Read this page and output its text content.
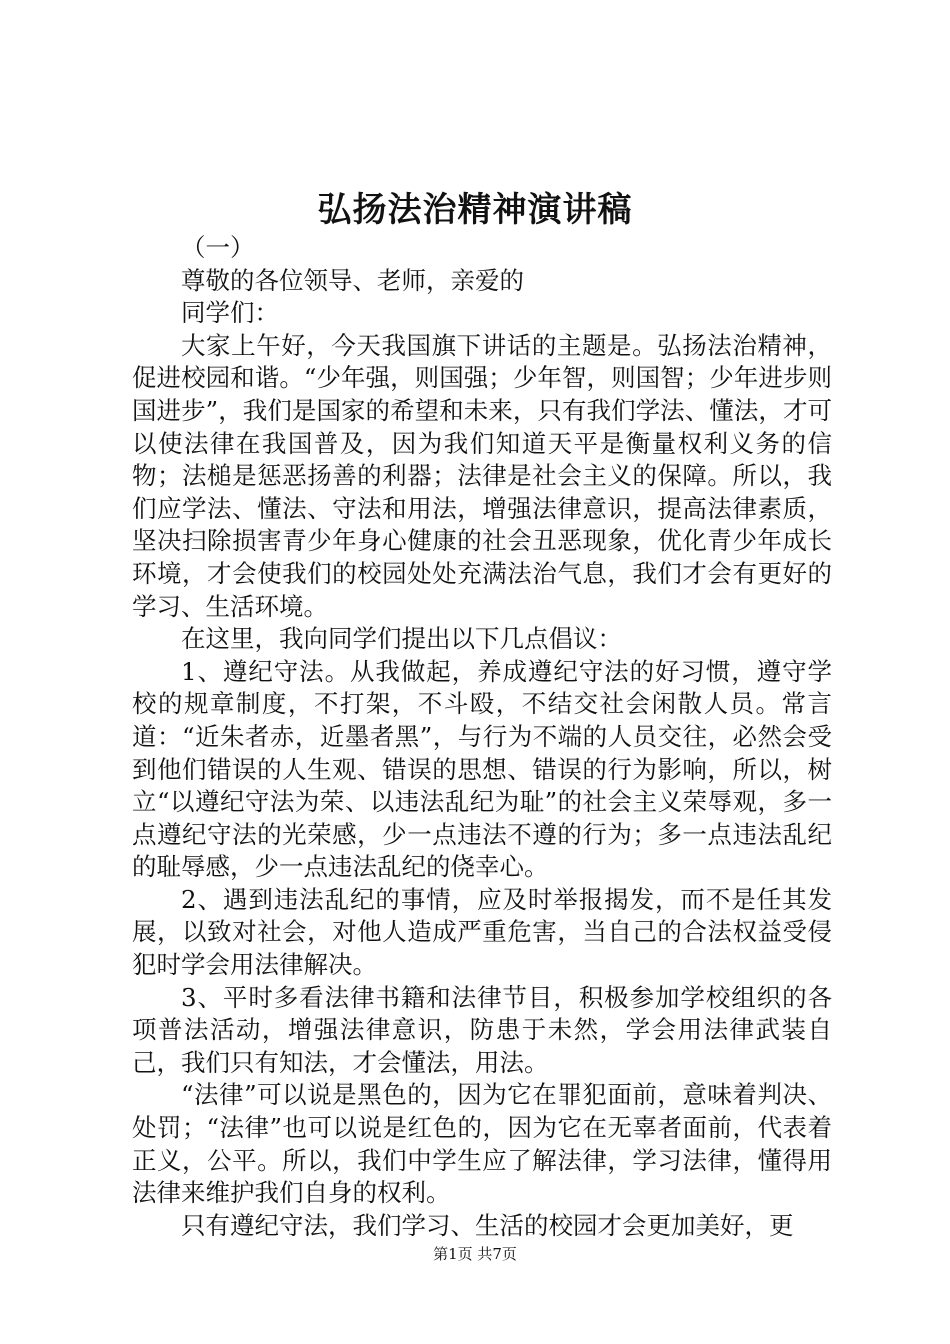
弘扬法治精神演讲稿

（一）

尊敬的各位领导、老师，亲爱的

同学们：

大家上午好，今天我国旗下讲话的主题是。弘扬法治精神，促进校园和谐。“少年强，则国强；少年智，则国智；少年进步则国进步”，我们是国家的希望和未来，只有我们学法、懂法，才可以使法律在我国普及，因为我们知道天平是衡量权利义务的信物；法槌是惩恶扬善的利器；法律是社会主义的保障。所以，我们应学法、懂法、守法和用法，增强法律意识，提高法律素质，坚决扫除损害青少年身心健康的社会丑恶现象，优化青少年成长环境，才会使我们的校园处处充满法治气息，我们才会有更好的学习、生活环境。

在这里，我向同学们提出以下几点倡议：

1、遵纪守法。从我做起，养成遵纪守法的好习惯，遵守学校的规章制度，不打架，不斗殴，不结交社会闲散人员。常言道：“近朱者赤，近墨者黑”，与行为不端的人员交往，必然会受到他们错误的人生观、错误的思想、错误的行为影响，所以，树立“以遵纪守法为荣、以违法乱纪为耻”的社会主义荣辱观，多一点遵纪守法的光荣感，少一点违法不遵的行为；多一点违法乱纪的耻辱感，少一点违法乱纪的侥幸心。

2、遇到违法乱纪的事情，应及时举报揭发，而不是任其发展，以致对社会，对他人造成严重危害，当自己的合法权益受侵犯时学会用法律解决。

3、平时多看法律书籍和法律节目，积极参加学校组织的各项普法活动，增强法律意识，防患于未然，学会用法律武装自己，我们只有知法，才会懂法，用法。

“法律”可以说是黑色的，因为它在罪犯面前，意味着判决、处罚；“法律”也可以说是红色的，因为它在无辜者面前，代表着正义，公平。所以，我们中学生应了解法律，学习法律，懂得用法律来维护我们自身的权利。

只有遵纪守法，我们学习、生活的校园才会更加美好，更

第1页 共7页
